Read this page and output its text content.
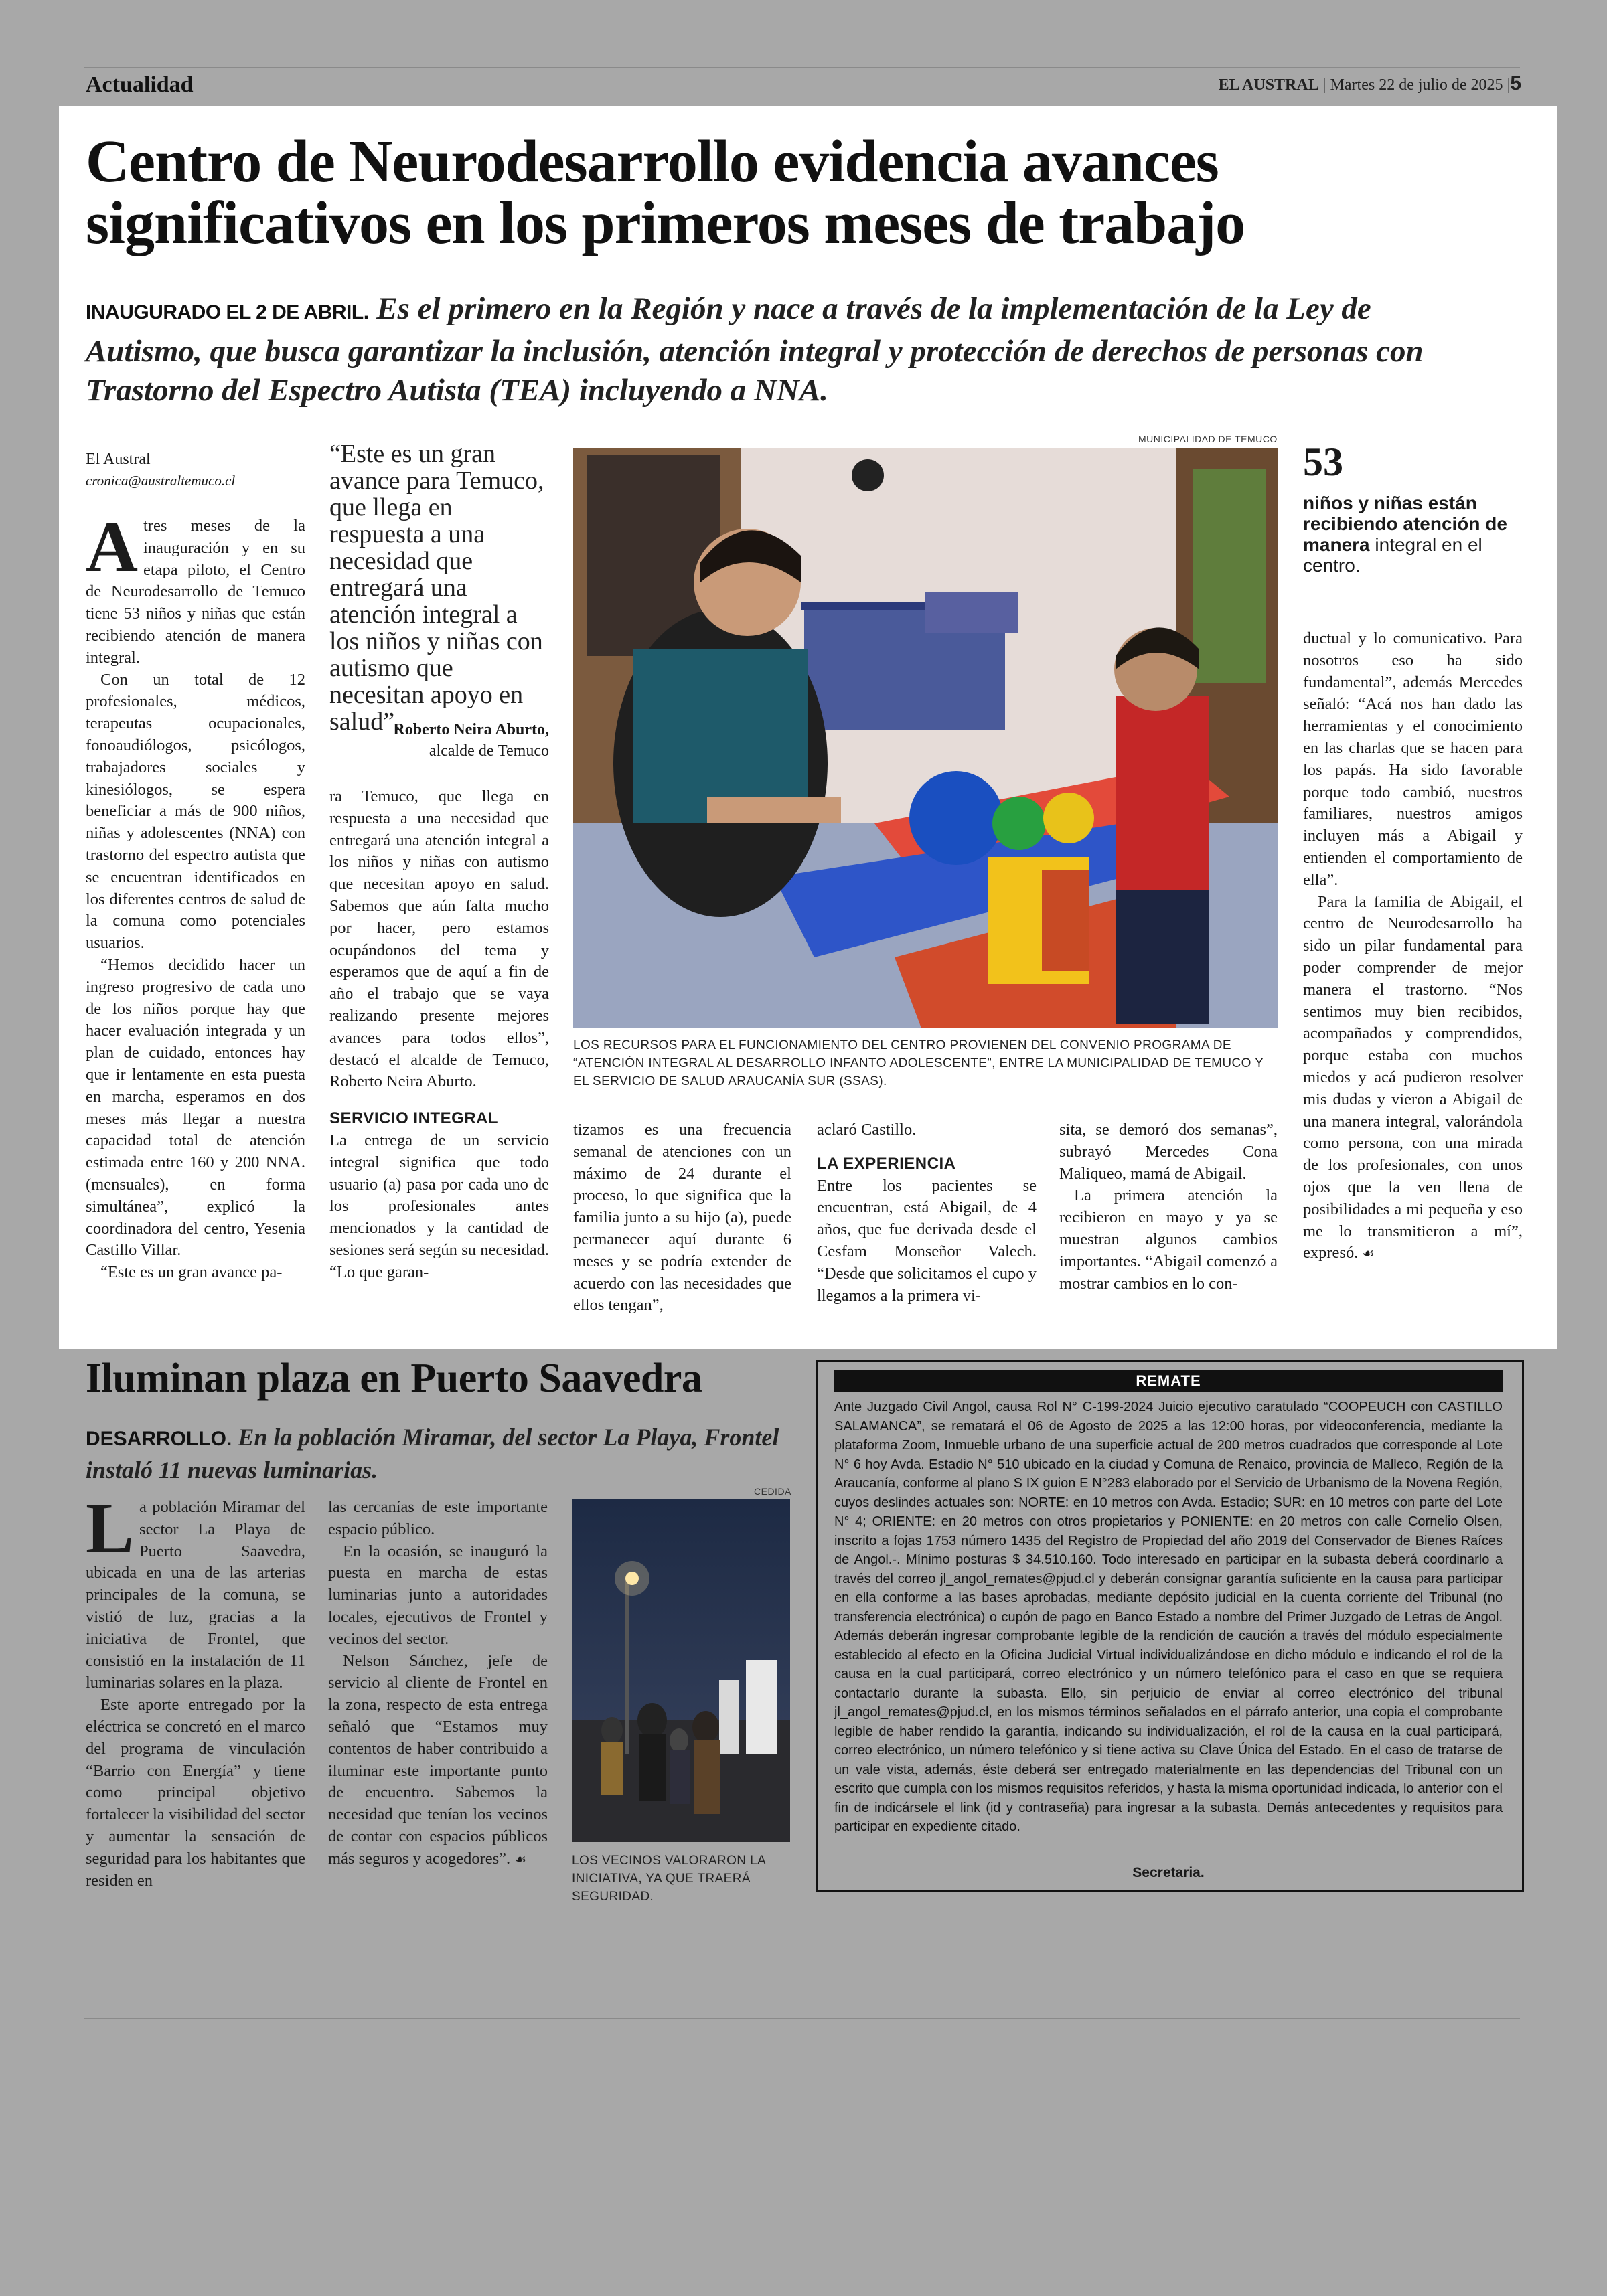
Actualidad	EL AUSTRAL | Martes 22 de julio de 2025 |5
Centro de Neurodesarrollo evidencia avances
significativos en los primeros meses de trabajo
INAUGURADO EL 2 DE ABRIL. Es el primero en la Región y nace a través de la implementación de la Ley de Autismo, que busca garantizar la inclusión, atención integral y protección de derechos de personas con Trastorno del Espectro Autista (TEA) incluyendo a NNA.
El Austral
cronica@australtemuco.cl

Atres meses de la inauguración y en su etapa piloto, el Centro de Neurodesarrollo de Temuco tiene 53 niños y niñas que están recibiendo atención de manera integral.

Con un total de 12 profesionales, médicos, terapeutas ocupacionales, fonoaudiólogos, psicólogos, trabajadores sociales y kinesiólogos, se espera beneficiar a más de 900 niños, niñas y adolescentes (NNA) con trastorno del espectro autista que se encuentran identificados en los diferentes centros de salud de la comuna como potenciales usuarios.

“Hemos decidido hacer un ingreso progresivo de cada uno de los niños porque hay que hacer evaluación integrada y un plan de cuidado, entonces hay que ir lentamente en esta puesta en marcha, esperamos en dos meses más llegar a nuestra capacidad total de atención estimada entre 160 y 200 NNA. (mensuales), en forma simultánea”, explicó la coordinadora del centro, Yesenia Castillo Villar.

“Este es un gran avance pa-

“Este es un gran avance para Temuco, que llega en respuesta a una necesidad que entregará una atención integral a los niños y niñas con autismo que necesitan apoyo en salud”.
Roberto Neira Aburto,
alcalde de Temuco

ra Temuco, que llega en respuesta a una necesidad que entregará una atención integral a los niños y niñas con autismo que necesitan apoyo en salud. Sabemos que aún falta mucho por hacer, pero estamos ocupándonos del tema y esperamos que de aquí a fin de año el trabajo que se vaya realizando presente mejores avances para todos ellos”, destacó el alcalde de Temuco, Roberto Neira Aburto.

SERVICIO INTEGRAL

La entrega de un servicio integral significa que todo usuario (a) pasa por cada uno de los profesionales antes mencionados y la cantidad de sesiones será según su necesidad. “Lo que garan-

MUNICIPALIDAD DE TEMUCO
LOS RECURSOS PARA EL FUNCIONAMIENTO DEL CENTRO PROVIENEN DEL CONVENIO PROGRAMA DE “ATENCIÓN INTEGRAL AL DESARROLLO INFANTO ADOLESCENTE”, ENTRE LA MUNICIPALIDAD DE TEMUCO Y EL SERVICIO DE SALUD ARAUCANÍA SUR (SSAS).

tizamos es una frecuencia semanal de atenciones con un máximo de 24 durante el proceso, lo que significa que la familia junto a su hijo (a), puede permanecer aquí durante 6 meses y se podría extender de acuerdo con las necesidades que ellos tengan”,

aclaró Castillo.

LA EXPERIENCIA

Entre los pacientes se encuentran, está Abigail, de 4 años, que fue derivada desde el Cesfam Monseñor Valech. “Desde que solicitamos el cupo y llegamos a la primera vi-

sita, se demoró dos semanas”, subrayó Mercedes Cona Maliqueo, mamá de Abigail.

La primera atención la recibieron en mayo y ya se muestran algunos cambios importantes. “Abigail comenzó a mostrar cambios en lo con-

53
niños y niñas están recibiendo atención de manera integral en el centro.

ductual y lo comunicativo. Para nosotros eso ha sido fundamental”, además Mercedes señaló: “Acá nos han dado las herramientas y el conocimiento en las charlas que se hacen para los papás. Ha sido favorable porque todo cambió, nuestros familiares, nuestros amigos incluyen más a Abigail y entienden el comportamiento de ella”.

Para la familia de Abigail, el centro de Neurodesarrollo ha sido un pilar fundamental para poder comprender de mejor manera el trastorno. “Nos sentimos muy bien recibidos, acompañados y comprendidos, porque estaba con muchos miedos y acá pudieron resolver mis dudas y vieron a Abigail de una manera integral, valorándola como persona, con una mirada de los profesionales, con unos ojos que la ven llena de posibilidades a mi pequeña y eso me lo transmitieron a mí”, expresó. ☙

Iluminan plaza en Puerto Saavedra
DESARROLLO. En la población Miramar, del sector La Playa, Frontel instaló 11 nuevas luminarias.

La población Miramar del sector La Playa de Puerto Saavedra, ubicada en una de las arterias principales de la comuna, se vistió de luz, gracias a la iniciativa de Frontel, que consistió en la instalación de 11 luminarias solares en la plaza.

Este aporte entregado por la eléctrica se concretó en el marco del programa de vinculación “Barrio con Energía” y tiene como principal objetivo fortalecer la visibilidad del sector y aumentar la sensación de seguridad para los habitantes que residen en

las cercanías de este importante espacio público.

En la ocasión, se inauguró la puesta en marcha de estas luminarias junto a autoridades locales, ejecutivos de Frontel y vecinos del sector.

Nelson Sánchez, jefe de servicio al cliente de Frontel en la zona, respecto de esta entrega señaló que “Estamos muy contentos de haber contribuido a iluminar este importante punto de encuentro. Sabemos la necesidad que tenían los vecinos de contar con espacios públicos más seguros y acogedores”. ☙

CEDIDA
LOS VECINOS VALORARON LA INICIATIVA, YA QUE TRAERÁ SEGURIDAD.
REMATE
Ante Juzgado Civil Angol, causa Rol N° C-199-2024 Juicio ejecutivo caratulado “COOPEUCH con CASTILLO SALAMANCA”, se rematará el 06 de Agosto de 2025 a las 12:00 horas, por videoconferencia, mediante la plataforma Zoom, Inmueble urbano de una superficie actual de 200 metros cuadrados que corresponde al Lote N° 6 hoy Avda. Estadio N° 510 ubicado en la ciudad y Comuna de Renaico, provincia de Malleco, Región de la Araucanía, conforme al plano S IX guion E N°283 elaborado por el Servicio de Urbanismo de la Novena Región, cuyos deslindes actuales son: NORTE: en 10 metros con Avda. Estadio; SUR: en 10 metros con parte del Lote N° 4; ORIENTE: en 20 metros con otros propietarios y PONIENTE: en 20 metros con calle Cornelio Olsen, inscrito a fojas 1753 número 1435 del Registro de Propiedad del año 2019 del Conservador de Bienes Raíces de Angol.-. Mínimo posturas $ 34.510.160. Todo interesado en participar en la subasta deberá coordinarlo a través del correo jl_angol_remates@pjud.cl y deberán consignar garantía suficiente en la causa para participar en ella conforme a las bases aprobadas, mediante depósito judicial en la cuenta corriente del Tribunal (no transferencia electrónica) o cupón de pago en Banco Estado a nombre del Primer Juzgado de Letras de Angol. Además deberán ingresar comprobante legible de la rendición de caución a través del módulo especialmente establecido al efecto en la Oficina Judicial Virtual individualizándose en dicho módulo e indicando el rol de la causa en la cual participará, correo electrónico y un número telefónico para el caso en que se requiera contactarlo durante la subasta. Ello, sin perjuicio de enviar al correo electrónico del tribunal jl_angol_remates@pjud.cl, en los mismos términos señalados en el párrafo anterior, una copia el comprobante legible de haber rendido la garantía, indicando su individualización, el rol de la causa en la cual participará, correo electrónico, un número telefónico y si tiene activa su Clave Única del Estado. En el caso de tratarse de un vale vista, además, éste deberá ser entregado materialmente en las dependencias del Tribunal con un escrito que cumpla con los mismos requisitos referidos, y hasta la misma oportunidad indicada, lo anterior con el fin de indicársele el link (id y contraseña) para ingresar a la subasta. Demás antecedentes y requisitos para participar en expediente citado.
Secretaria.
